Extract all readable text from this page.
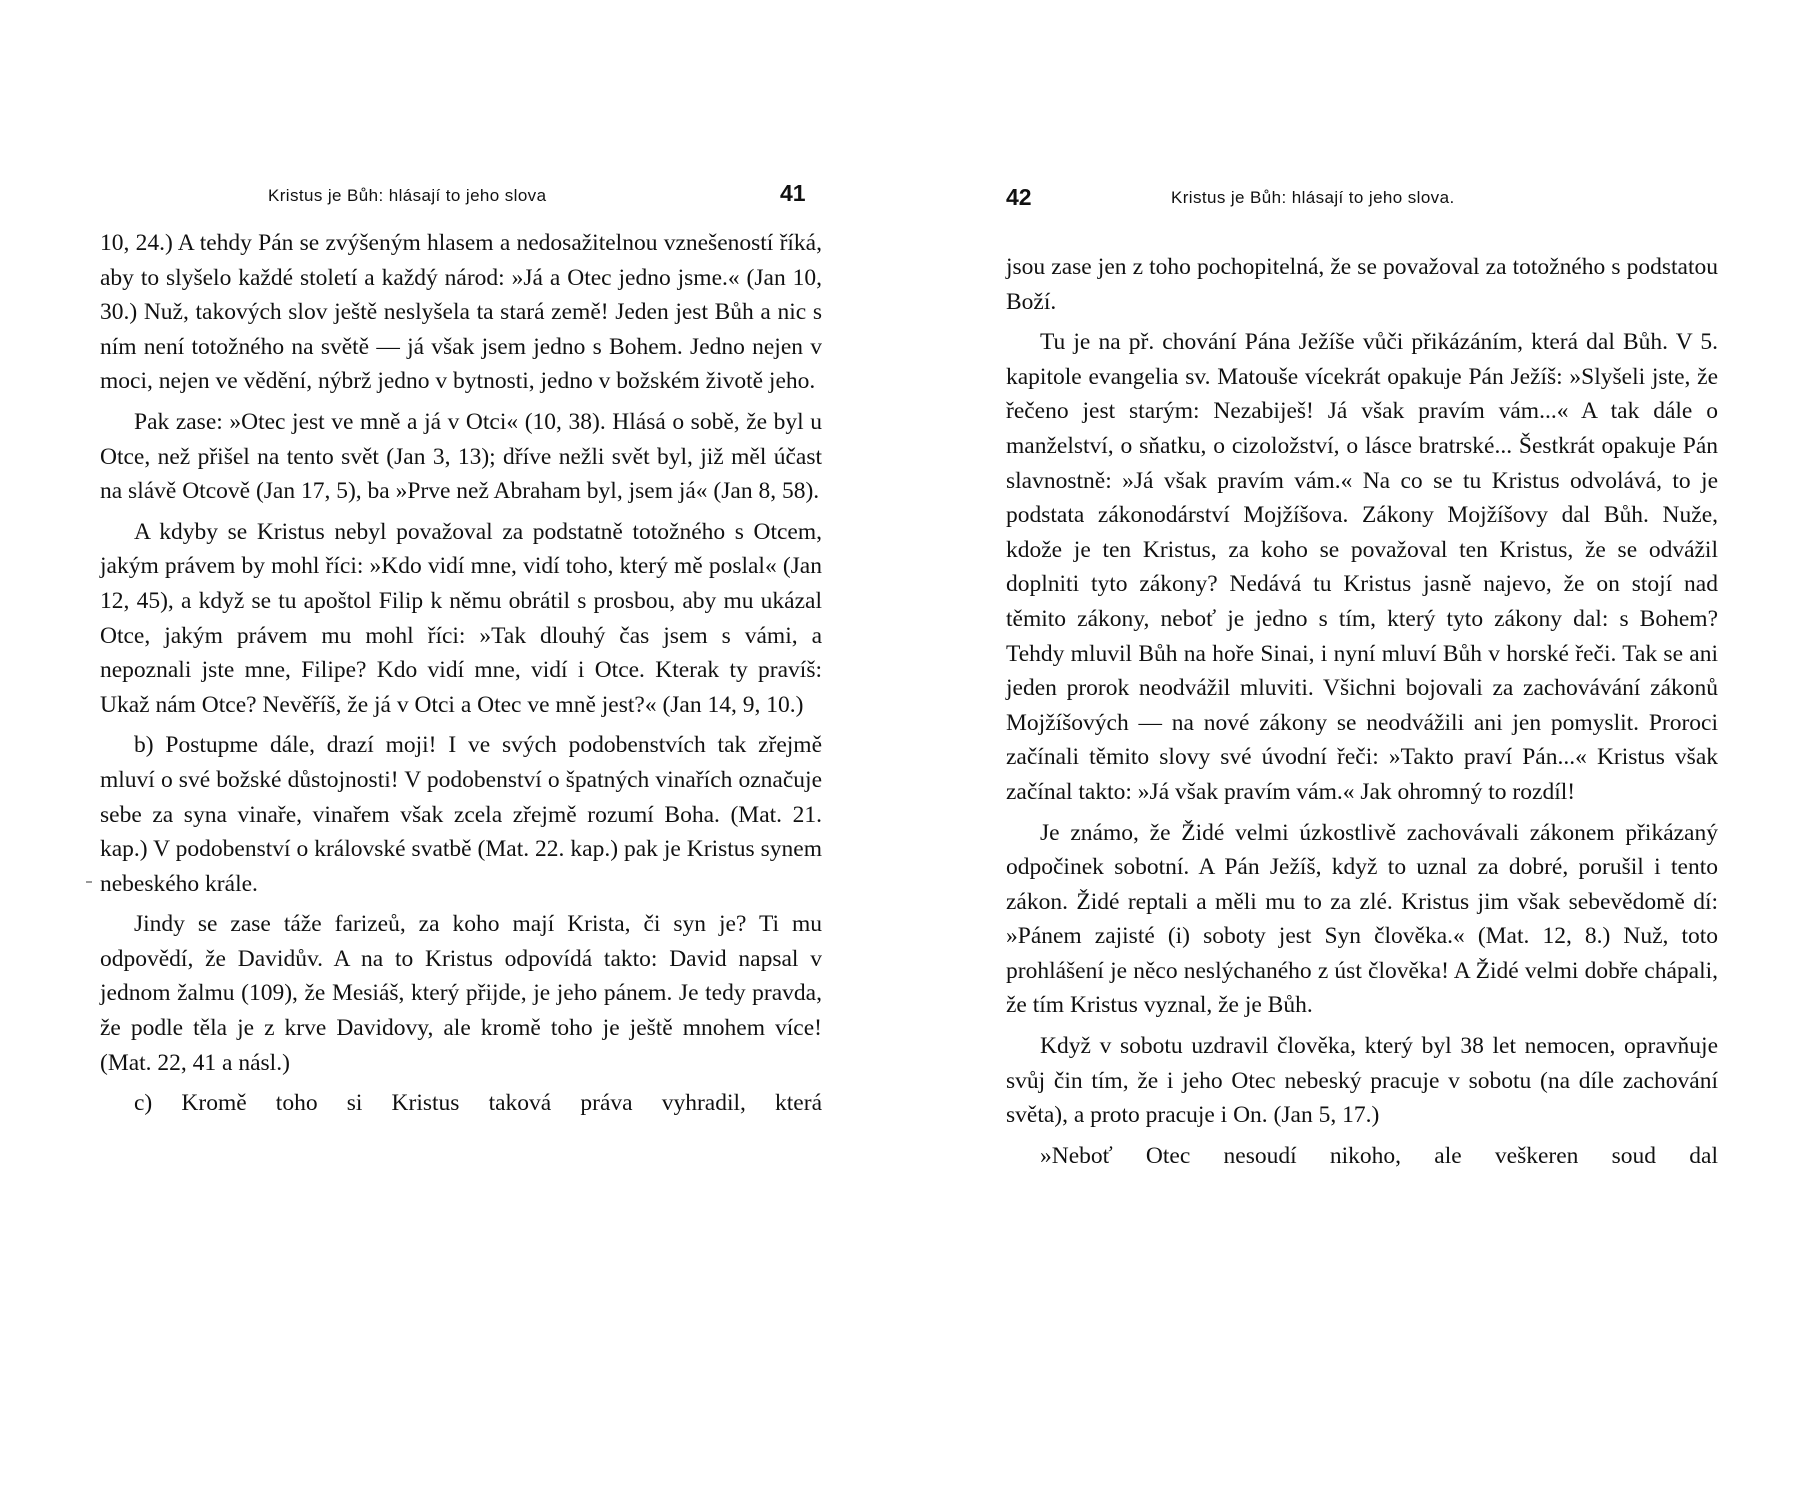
Kristus je Bůh: hlásají to jeho slova	41

10, 24.) A tehdy Pán se zvýšeným hlasem a nedosažitelnou vznešeností říká, aby to slyšelo každé století a každý národ: »Já a Otec jedno jsme.« (Jan 10, 30.) Nuž, takových slov ještě neslyšela ta stará země! Jeden jest Bůh a nic s ním není totožného na světě — já však jsem jedno s Bohem. Jedno nejen v moci, nejen ve vědění, nýbrž jedno v bytnosti, jedno v božském životě jeho.

Pak zase: »Otec jest ve mně a já v Otci« (10, 38). Hlásá o sobě, že byl u Otce, než přišel na tento svět (Jan 3, 13); dříve nežli svět byl, již měl účast na slávě Otcově (Jan 17, 5), ba »Prve než Abraham byl, jsem já« (Jan 8, 58).

A kdyby se Kristus nebyl považoval za podstatně totožného s Otcem, jakým právem by mohl říci: »Kdo vidí mne, vidí toho, který mě poslal« (Jan 12, 45), a když se tu apoštol Filip k němu obrátil s prosbou, aby mu ukázal Otce, jakým právem mu mohl říci: »Tak dlouhý čas jsem s vámi, a nepoznali jste mne, Filipe? Kdo vidí mne, vidí i Otce. Kterak ty pravíš: Ukaž nám Otce? Nevěříš, že já v Otci a Otec ve mně jest?« (Jan 14, 9, 10.)

b) Postupme dále, drazí moji! I ve svých podobenstvích tak zřejmě mluví o své božské důstojnosti! V podobenství o špatných vinařích označuje sebe za syna vinaře, vinařem však zcela zřejmě rozumí Boha. (Mat. 21. kap.) V podobenství o královské svatbě (Mat. 22. kap.) pak je Kristus synem nebeského krále.

Jindy se zase táže farizeů, za koho mají Krista, či syn je? Ti mu odpovědí, že Davidův. A na to Kristus odpovídá takto: David napsal v jednom žalmu (109), že Mesiáš, který přijde, je jeho pánem. Je tedy pravda, že podle těla je z krve Davidovy, ale kromě toho je ještě mnohem více! (Mat. 22, 41 a násl.)

c) Kromě toho si Kristus taková práva vyhradil, která

42	Kristus je Bůh: hlásají to jeho slova.

jsou zase jen z toho pochopitelná, že se považoval za totožného s podstatou Boží.

Tu je na př. chování Pána Ježíše vůči přikázáním, která dal Bůh. V 5. kapitole evangelia sv. Matouše vícekrát opakuje Pán Ježíš: »Slyšeli jste, že řečeno jest starým: Nezabiješ! Já však pravím vám...« A tak dále o manželství, o sňatku, o cizoložství, o lásce bratrské... Šestkrát opakuje Pán slavnostně: »Já však pravím vám.« Na co se tu Kristus odvolává, to je podstata zákonodárství Mojžíšova. Zákony Mojžíšovy dal Bůh. Nuže, kdože je ten Kristus, za koho se považoval ten Kristus, že se odvážil doplniti tyto zákony? Nedává tu Kristus jasně najevo, že on stojí nad těmito zákony, neboť je jedno s tím, který tyto zákony dal: s Bohem? Tehdy mluvil Bůh na hoře Sinai, i nyní mluví Bůh v horské řeči. Tak se ani jeden prorok neodvážil mluviti. Všichni bojovali za zachovávání zákonů Mojžíšových — na nové zákony se neodvážili ani jen pomyslit. Proroci začínali těmito slovy své úvodní řeči: »Takto praví Pán...« Kristus však začínal takto: »Já však pravím vám.« Jak ohromný to rozdíl!

Je známo, že Židé velmi úzkostlivě zachovávali zákonem přikázaný odpočinek sobotní. A Pán Ježíš, když to uznal za dobré, porušil i tento zákon. Židé reptali a měli mu to za zlé. Kristus jim však sebevědomě dí: »Pánem zajisté (i) soboty jest Syn člověka.« (Mat. 12, 8.) Nuž, toto prohlášení je něco neslýchaného z úst člověka! A Židé velmi dobře chápali, že tím Kristus vyznal, že je Bůh.

Když v sobotu uzdravil člověka, který byl 38 let nemocen, opravňuje svůj čin tím, že i jeho Otec nebeský pracuje v sobotu (na díle zachování světa), a proto pracuje i On. (Jan 5, 17.)

»Neboť Otec nesoudí nikoho, ale veškeren soud dal
